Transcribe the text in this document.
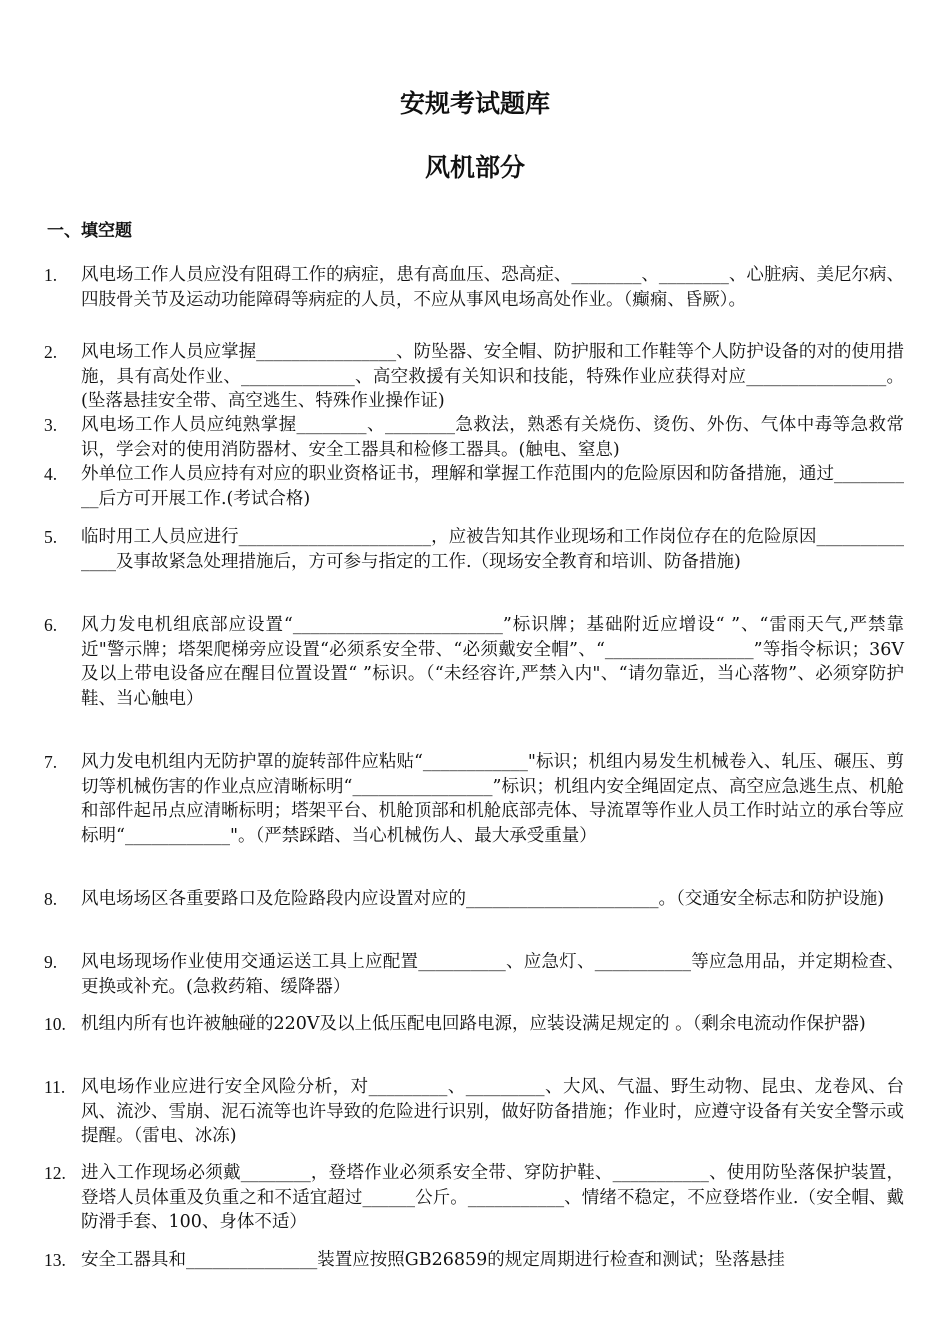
安规考试题库
风机部分
一、填空题
1. 风电场工作人员应没有阻碍工作的病症，患有高血压、恐高症、________、________、心脏病、美尼尔病、四肢骨关节及运动功能障碍等病症的人员，不应从事风电场高处作业。（癫痫、昏厥）。
2. 风电场工作人员应掌握________________、防坠器、安全帽、防护服和工作鞋等个人防护设备的对的使用措施，具有高处作业、_____________、高空救援有关知识和技能，特殊作业应获得对应________________。(坠落悬挂安全带、高空逃生、特殊作业操作证)
3. 风电场工作人员应纯熟掌握________、________急救法，熟悉有关烧伤、烫伤、外伤、气体中毒等急救常识，学会对的使用消防器材、安全工器具和检修工器具。(触电、窒息)
4. 外单位工作人员应持有对应的职业资格证书，理解和掌握工作范围内的危险原因和防备措施，通过__________后方可开展工作.(考试合格)
5. 临时用工人员应进行______________________，应被告知其作业现场和工作岗位存在的危险原因______________及事故紧急处理措施后，方可参与指定的工作.（现场安全教育和培训、防备措施)
6. 风力发电机组底部应设置“________________________”标识牌；基础附近应增设“ ”、“雷雨天气,严禁靠近"警示牌；塔架爬梯旁应设置“必须系安全带、“必须戴安全帽”、“_________________”等指令标识；36V及以上带电设备应在醒目位置设置“ ”标识。（“未经容许,严禁入内"、“请勿靠近，当心落物”、必须穿防护鞋、当心触电）
7. 风力发电机组内无防护罩的旋转部件应粘贴“____________"标识；机组内易发生机械卷入、轧压、碾压、剪切等机械伤害的作业点应清晰标明“________________”标识；机组内安全绳固定点、高空应急逃生点、机舱和部件起吊点应清晰标明；塔架平台、机舱顶部和机舱底部壳体、导流罩等作业人员工作时站立的承台等应标明“____________"。（严禁踩踏、当心机械伤人、最大承受重量）
8. 风电场场区各重要路口及危险路段内应设置对应的______________________。（交通安全标志和防护设施)
9. 风电场现场作业使用交通运送工具上应配置__________、应急灯、___________等应急用品，并定期检查、更换或补充。(急救药箱、缓降器）
10. 机组内所有也许被触碰的220V及以上低压配电回路电源，应装设满足规定的 。（剩余电流动作保护器)
11. 风电场作业应进行安全风险分析，对_________、_________、大风、气温、野生动物、昆虫、龙卷风、台风、流沙、雪崩、泥石流等也许导致的危险进行识别，做好防备措施；作业时，应遵守设备有关安全警示或提醒。（雷电、冰冻)
12. 进入工作现场必须戴________，登塔作业必须系安全带、穿防护鞋、___________、使用防坠落保护装置，登塔人员体重及负重之和不适宜超过______公斤。___________、情绪不稳定，不应登塔作业.（安全帽、戴防滑手套、100、身体不适）
13. 安全工器具和_______________装置应按照GB26859的规定周期进行检查和测试；坠落悬挂
